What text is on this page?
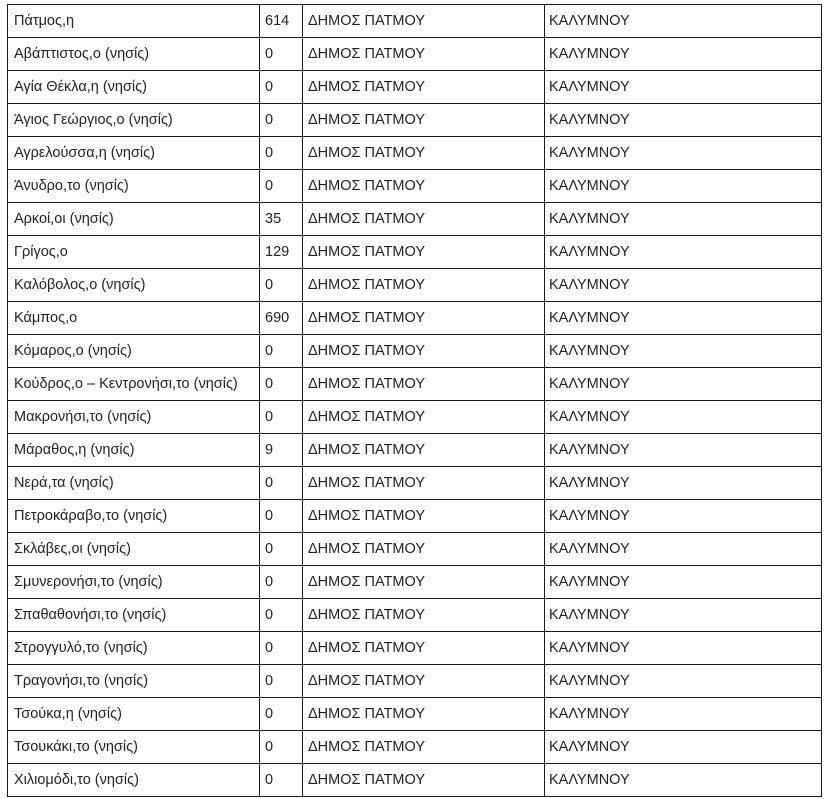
Πάτμος,η	614	ΔΗΜΟΣ ΠΑΤΜΟΥ	ΚΑΛΥΜΝΟΥ
Αβάπτιστος,ο (νησίς)	0	ΔΗΜΟΣ ΠΑΤΜΟΥ	ΚΑΛΥΜΝΟΥ
Αγία Θέκλα,η (νησίς)	0	ΔΗΜΟΣ ΠΑΤΜΟΥ	ΚΑΛΥΜΝΟΥ
Άγιος Γεώργιος,ο (νησίς)	0	ΔΗΜΟΣ ΠΑΤΜΟΥ	ΚΑΛΥΜΝΟΥ
Αγρελούσσα,η (νησίς)	0	ΔΗΜΟΣ ΠΑΤΜΟΥ	ΚΑΛΥΜΝΟΥ
Άνυδρο,το (νησίς)	0	ΔΗΜΟΣ ΠΑΤΜΟΥ	ΚΑΛΥΜΝΟΥ
Αρκοί,οι (νησίς)	35	ΔΗΜΟΣ ΠΑΤΜΟΥ	ΚΑΛΥΜΝΟΥ
Γρίγος,ο	129	ΔΗΜΟΣ ΠΑΤΜΟΥ	ΚΑΛΥΜΝΟΥ
Καλόβολος,ο (νησίς)	0	ΔΗΜΟΣ ΠΑΤΜΟΥ	ΚΑΛΥΜΝΟΥ
Κάμπος,ο	690	ΔΗΜΟΣ ΠΑΤΜΟΥ	ΚΑΛΥΜΝΟΥ
Κόμαρος,ο (νησίς)	0	ΔΗΜΟΣ ΠΑΤΜΟΥ	ΚΑΛΥΜΝΟΥ
Κούδρος,ο – Κεντρονήσι,το (νησίς)	0	ΔΗΜΟΣ ΠΑΤΜΟΥ	ΚΑΛΥΜΝΟΥ
Μακρονήσι,το (νησίς)	0	ΔΗΜΟΣ ΠΑΤΜΟΥ	ΚΑΛΥΜΝΟΥ
Μάραθος,η (νησίς)	9	ΔΗΜΟΣ ΠΑΤΜΟΥ	ΚΑΛΥΜΝΟΥ
Νερά,τα (νησίς)	0	ΔΗΜΟΣ ΠΑΤΜΟΥ	ΚΑΛΥΜΝΟΥ
Πετροκάραβο,το (νησίς)	0	ΔΗΜΟΣ ΠΑΤΜΟΥ	ΚΑΛΥΜΝΟΥ
Σκλάβες,οι (νησίς)	0	ΔΗΜΟΣ ΠΑΤΜΟΥ	ΚΑΛΥΜΝΟΥ
Σμυνερονήσι,το (νησίς)	0	ΔΗΜΟΣ ΠΑΤΜΟΥ	ΚΑΛΥΜΝΟΥ
Σπαθαθονήσι,το (νησίς)	0	ΔΗΜΟΣ ΠΑΤΜΟΥ	ΚΑΛΥΜΝΟΥ
Στρογγυλό,το (νησίς)	0	ΔΗΜΟΣ ΠΑΤΜΟΥ	ΚΑΛΥΜΝΟΥ
Τραγονήσι,το (νησίς)	0	ΔΗΜΟΣ ΠΑΤΜΟΥ	ΚΑΛΥΜΝΟΥ
Τσούκα,η (νησίς)	0	ΔΗΜΟΣ ΠΑΤΜΟΥ	ΚΑΛΥΜΝΟΥ
Τσουκάκι,το (νησίς)	0	ΔΗΜΟΣ ΠΑΤΜΟΥ	ΚΑΛΥΜΝΟΥ
Χιλιομόδι,το (νησίς)	0	ΔΗΜΟΣ ΠΑΤΜΟΥ	ΚΑΛΥΜΝΟΥ
